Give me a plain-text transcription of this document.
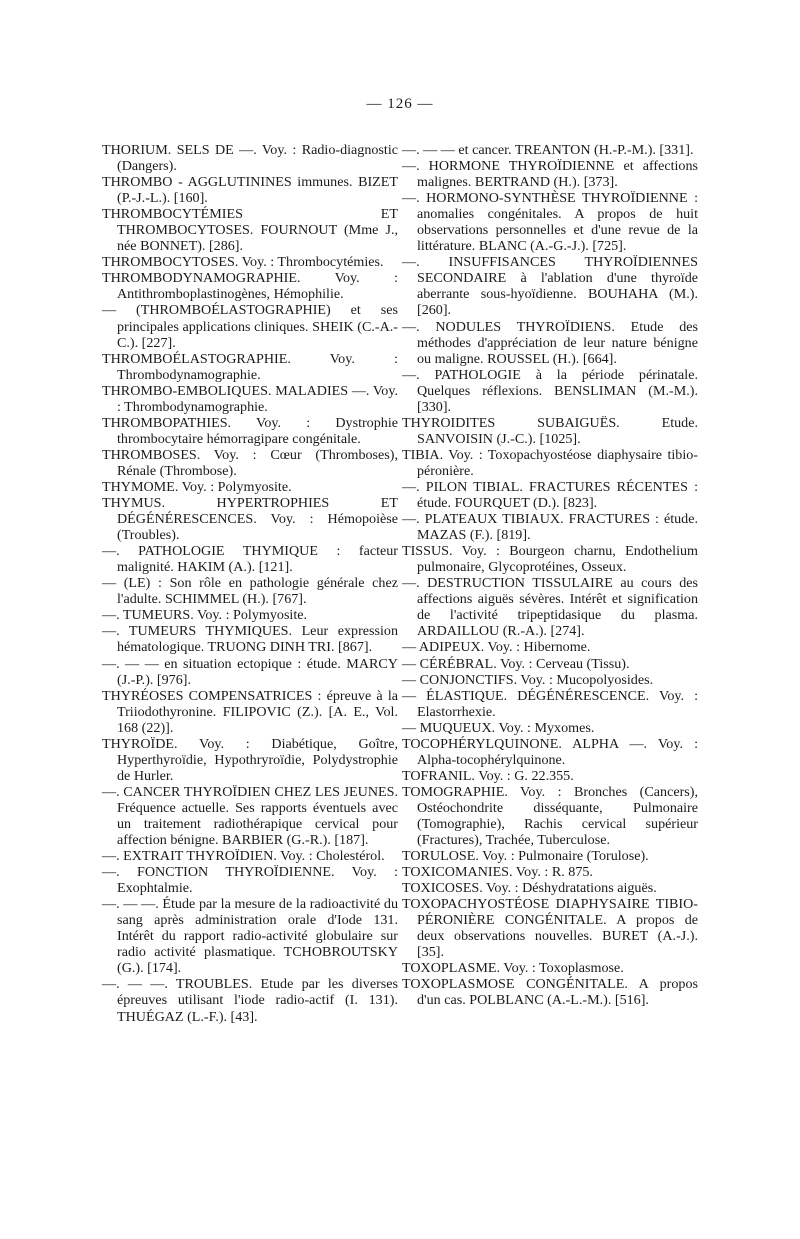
— 126 —

THORIUM. SELS DE —. Voy. : Radio-diagnostic (Dangers).

THROMBO - AGGLUTININES immunes. BIZET (P.-J.-L.). [160].

THROMBOCYTÉMIES ET THROMBOCYTOSES. FOURNOUT (Mme J., née BONNET). [286].

THROMBOCYTOSES. Voy. : Thrombocytémies.

THROMBODYNAMOGRAPHIE. Voy. : Antithromboplastinogènes, Hémophilie.

— (THROMBOÉLASTOGRAPHIE) et ses principales applications cliniques. SHEIK (C.-A.-C.). [227].

THROMBOÉLASTOGRAPHIE. Voy. : Thrombodynamographie.

THROMBO-EMBOLIQUES. MALADIES —. Voy. : Thrombodynamographie.

THROMBOPATHIES. Voy. : Dystrophie thrombocytaire hémorragipare congénitale.

THROMBOSES. Voy. : Cœur (Thromboses), Rénale (Thrombose).

THYMOME. Voy. : Polymyosite.

THYMUS. HYPERTROPHIES ET DÉGÉNÉRESCENCES. Voy. : Hémopoièse (Troubles).

—. PATHOLOGIE THYMIQUE : facteur malignité. HAKIM (A.). [121].

— (LE) : Son rôle en pathologie générale chez l'adulte. SCHIMMEL (H.). [767].

—. TUMEURS. Voy. : Polymyosite.

—. TUMEURS THYMIQUES. Leur expression hématologique. TRUONG DINH TRI. [867].

—. — — en situation ectopique : étude. MARCY (J.-P.). [976].

THYRÉOSES COMPENSATRICES : épreuve à la Triiodothyronine. FILIPOVIC (Z.). [A. E., Vol. 168 (22)].

THYROÏDE. Voy. : Diabétique, Goître, Hyperthyroïdie, Hypothryroïdie, Polydystrophie de Hurler.

—. CANCER THYROÏDIEN CHEZ LES JEUNES. Fréquence actuelle. Ses rapports éventuels avec un traitement radiothérapique cervical pour affection bénigne. BARBIER (G.-R.). [187].

—. EXTRAIT THYROÏDIEN. Voy. : Cholestérol.

—. FONCTION THYROÏDIENNE. Voy. : Exophtalmie.

—. — —. Étude par la mesure de la radioactivité du sang après administration orale d'Iode 131. Intérêt du rapport radio-activité globulaire sur radio activité plasmatique. TCHOBROUTSKY (G.). [174].

—. — —. TROUBLES. Etude par les diverses épreuves utilisant l'iode radio-actif (I. 131). THUÉGAZ (L.-F.). [43].

—. — — et cancer. TREANTON (H.-P.-M.). [331].

—. HORMONE THYROÏDIENNE et affections malignes. BERTRAND (H.). [373].

—. HORMONO-SYNTHÈSE THYROÏDIENNE : anomalies congénitales. A propos de huit observations personnelles et d'une revue de la littérature. BLANC (A.-G.-J.). [725].

—. INSUFFISANCES THYROÏDIENNES SECONDAIRE à l'ablation d'une thyroïde aberrante sous-hyoïdienne. BOUHAHA (M.). [260].

—. NODULES THYROÏDIENS. Etude des méthodes d'appréciation de leur nature bénigne ou maligne. ROUSSEL (H.). [664].

—. PATHOLOGIE à la période périnatale. Quelques réflexions. BENSLIMAN (M.-M.). [330].

THYROIDITES SUBAIGUËS. Etude. SANVOISIN (J.-C.). [1025].

TIBIA. Voy. : Toxopachyostéose diaphysaire tibio-péronière.

—. PILON TIBIAL. FRACTURES RÉCENTES : étude. FOURQUET (D.). [823].

—. PLATEAUX TIBIAUX. FRACTURES : étude. MAZAS (F.). [819].

TISSUS. Voy. : Bourgeon charnu, Endothelium pulmonaire, Glycoprotéines, Osseux.

—. DESTRUCTION TISSULAIRE au cours des affections aiguës sévères. Intérêt et signification de l'activité tripeptidasique du plasma. ARDAILLOU (R.-A.). [274].

— ADIPEUX. Voy. : Hibernome.

— CÉRÉBRAL. Voy. : Cerveau (Tissu).

— CONJONCTIFS. Voy. : Mucopolyosides.

— ÉLASTIQUE. DÉGÉNÉRESCENCE. Voy. : Elastorrhexie.

— MUQUEUX. Voy. : Myxomes.

TOCOPHÉRYLQUINONE. ALPHA —. Voy. : Alpha-tocophérylquinone.

TOFRANIL. Voy. : G. 22.355.

TOMOGRAPHIE. Voy. : Bronches (Cancers), Ostéochondrite disséquante, Pulmonaire (Tomographie), Rachis cervical supérieur (Fractures), Trachée, Tuberculose.

TORULOSE. Voy. : Pulmonaire (Torulose).

TOXICOMANIES. Voy. : R. 875.

TOXICOSES. Voy. : Déshydratations aiguës.

TOXOPACHYOSTÉOSE DIAPHYSAIRE TIBIO-PÉRONIÈRE CONGÉNITALE. A propos de deux observations nouvelles. BURET (A.-J.). [35].

TOXOPLASME. Voy. : Toxoplasmose.

TOXOPLASMOSE CONGÉNITALE. A propos d'un cas. POLBLANC (A.-L.-M.). [516].
